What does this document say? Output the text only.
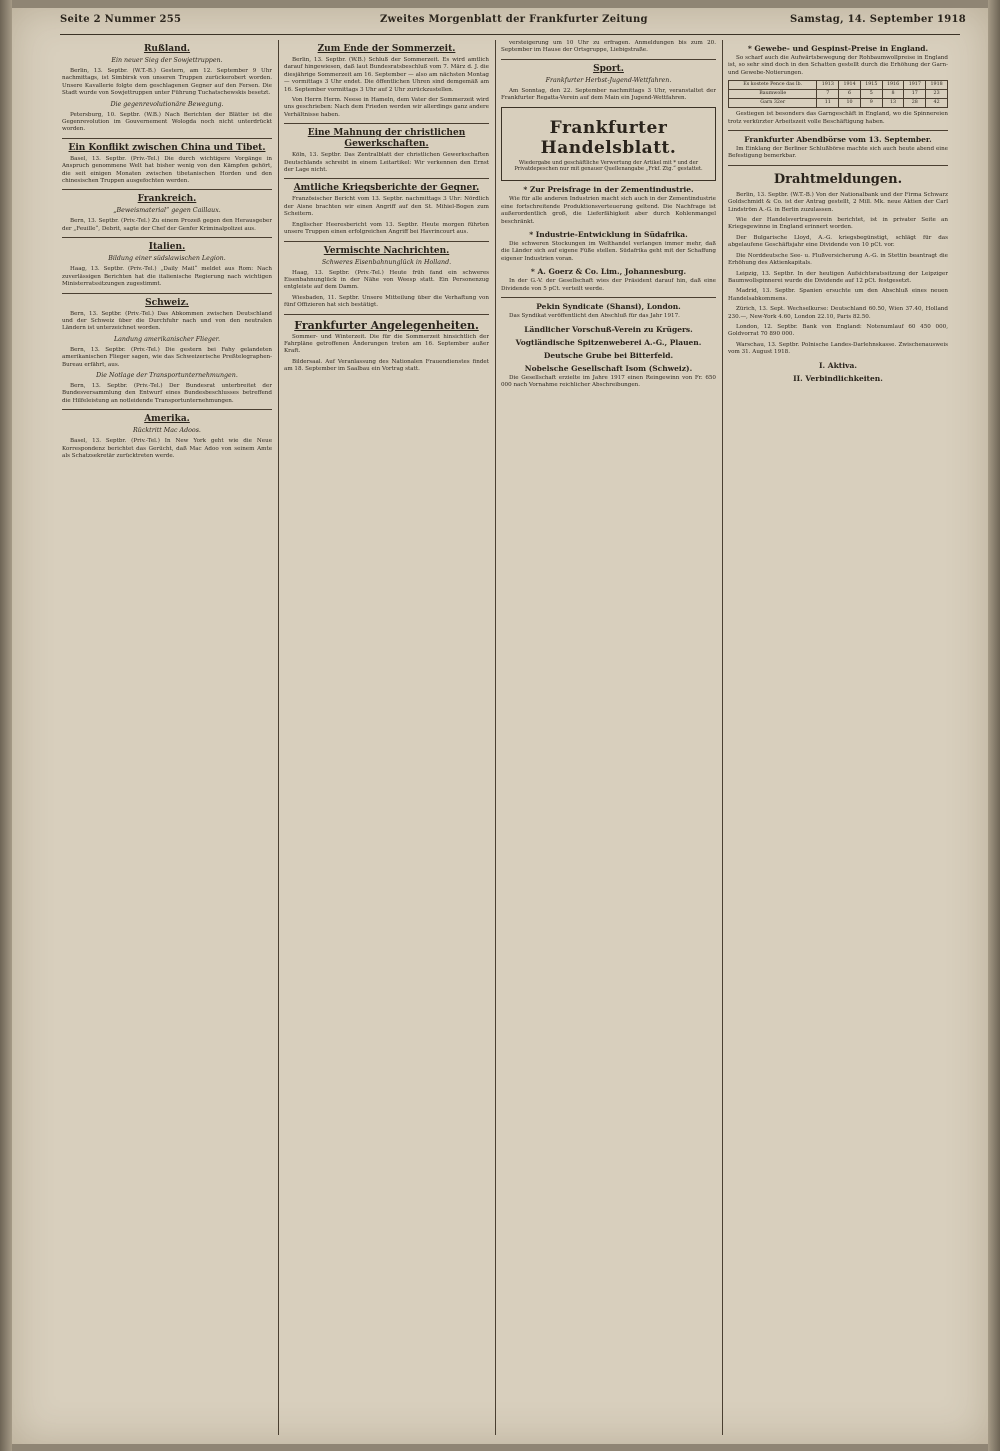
Seite 2 Nummer 255	Zweites Morgenblatt der Frankfurter Zeitung	Samstag, 14. September 1918
Rußland.
Ein neuer Sieg der Sowjettruppen.
Berlin, 13. Septbr. (W.T.-B.) Gestern, am 12. September 9 Uhr nachmittags, ist Simbirsk von unseren Truppen zurückerobert worden. Unsere Kavallerie folgte dem geschlagenen Gegner auf den Fersen. Die Stadt wurde von Sowjettruppen unter Führung Tuchatschewskis besetzt.
Die gegenrevolutionäre Bewegung.
Petersburg, 10. Septbr. (W.B.) Nach Berichten der Blätter ist die Gegenrevolution im Gouvernement Wologda noch nicht unterdrückt worden.
Ein Konflikt zwischen China und Tibet.
Basel, 13. Septbr. (Priv.-Tel.) Die durch wichtigere Vorgänge in Anspruch genommene Welt hat bisher wenig von den Kämpfen gehört, die seit einigen Monaten zwischen tibetanischen Horden und den chinesischen Truppen ausgefochten werden.
Frankreich.
„Beweismaterial“ gegen Caillaux.
Bern, 13. Septbr. (Priv.-Tel.) Zu einem Prozeß gegen den Herausgeber der „Feuille“, Debrit, sagte der Chef der Genfer Kriminalpolizei aus.
Italien.
Bildung einer südslawischen Legion.
Haag, 13. Septbr. (Priv.-Tel.) „Daily Mail“ meldet aus Rom: Nach zuverlässigen Berichten hat die italienische Regierung nach wichtigen Ministerratssitzungen zugestimmt.
Schweiz.
Bern, 13. Septbr. (Priv.-Tel.) Das Abkommen zwischen Deutschland und der Schweiz über die Durchfuhr nach und von den neutralen Ländern ist unterzeichnet worden.
Landung amerikanischer Flieger.
Bern, 13. Septbr. (Priv.-Tel.) Die gestern bei Fahy gelandeten amerikanischen Flieger sagen, wie das Schweizerische Preßtelegraphen-Bureau erfährt, aus.
Die Notlage der Transportunternehmungen.
Bern, 13. Septbr. (Priv.-Tel.) Der Bundesrat unterbreitet der Bundesversammlung den Entwurf eines Bundesbeschlusses betreffend die Hilfeleistung an notleidende Transportunternehmungen.
Amerika.
Rücktritt Mac Adoos.
Basel, 13. Septbr. (Priv.-Tel.) In New York geht wie die Neue Korrespondenz berichtet das Gerücht, daß Mac Adoo von seinem Amte als Schatzsekretär zurücktreten werde.
Zum Ende der Sommerzeit.
Berlin, 13. Septbr. (W.B.) Schluß der Sommerzeit. Es wird amtlich darauf hingewiesen, daß laut Bundesratsbeschluß vom 7. März d. J. die diesjährige Sommerzeit am 16. September — also am nächsten Montag — vormittags 3 Uhr endet. Die öffentlichen Uhren sind demgemäß am 16. September vormittags 3 Uhr auf 2 Uhr zurückzustellen.
Von Herrn Herm. Neese in Hameln, dem Vater der Sommerzeit wird uns geschrieben: Nach dem Frieden werden wir allerdings ganz andere Verhältnisse haben.
Eine Mahnung der christlichen Gewerkschaften.
Köln, 13. Septbr. Das Zentralblatt der christlichen Gewerkschaften Deutschlands schreibt in einem Leitartikel: Wir verkennen den Ernst der Lage nicht.
Amtliche Kriegsberichte der Gegner.
Französischer Bericht vom 13. Septbr. nachmittags 3 Uhr: Nördlich der Aisne brachten wir einen Angriff auf den St. Mihiel-Bogen zum Scheitern.
Englischer Heeresbericht vom 13. Septbr. Heute morgen führten unsere Truppen einen erfolgreichen Angriff bei Havrincourt aus.
Vermischte Nachrichten.
Schweres Eisenbahnunglück in Holland.
Haag, 13. Septbr. (Priv.-Tel.) Heute früh fand ein schweres Eisenbahnunglück in der Nähe von Weesp statt. Ein Personenzug entgleiste auf dem Damm.
Wiesbaden, 11. Septbr. Unsere Mitteilung über die Verhaftung von fünf Offizieren hat sich bestätigt.
Frankfurter Angelegenheiten.
Sommer- und Winterzeit. Die für die Sommerzeit hinsichtlich der Fahrpläne getroffenen Änderungen treten am 16. September außer Kraft.
Bildersaal. Auf Veranlassung des Nationalen Frauendienstes findet am 18. September im Saalbau ein Vortrag statt.
versteigerung um 10 Uhr zu erfragen. Anmeldungen bis zum 20. September im Hause der Ortsgruppe, Liebigstraße.
Sport.
Frankfurter Herbst-Jugend-Wettfahren.
Am Sonntag, den 22. September nachmittags 3 Uhr, veranstaltet der Frankfurter Regatta-Verein auf dem Main ein Jugend-Wettfahren.
Frankfurter Handelsblatt.
Wiedergabe und geschäftliche Verwertung der Artikel mit * und der Privatdepeschen nur mit genauer Quellenangabe „Frkf. Ztg.“ gestattet.
* Zur Preisfrage in der Zementindustrie.
Wie für alle anderen Industrien macht sich auch in der Zementindustrie eine fortschreitende Produktionsverteuerung geltend. Die Nachfrage ist außerordentlich groß, die Lieferfähigkeit aber durch Kohlenmangel beschränkt.
* Industrie-Entwicklung in Südafrika.
Die schweren Stockungen im Welthandel verlangen immer mehr, daß die Länder sich auf eigene Füße stellen. Südafrika geht mit der Schaffung eigener Industrien voran.
* A. Goerz & Co. Lim., Johannesburg.
In der G.-V. der Gesellschaft wies der Präsident darauf hin, daß eine Dividende von 5 pCt. verteilt werde.
Pekin Syndicate (Shansi), London.
Das Syndikat veröffentlicht den Abschluß für das Jahr 1917.
Ländlicher Vorschuß-Verein zu Krügers.
Vogtländische Spitzenweberei A.-G., Plauen.
Deutsche Grube bei Bitterfeld.
Nobelsche Gesellschaft Isom (Schweiz).
Die Gesellschaft erzielte im Jahre 1917 einen Reingewinn von Fr. 650 000 nach Vornahme reichlicher Abschreibungen.
* Gewebe- und Gespinst-Preise in England.
So scharf auch die Aufwärtsbewegung der Rohbaumwollpreise in England ist, so sehr sind doch in den Schatten gestellt durch die Erhöhung der Garn- und Gewebe-Notierungen.
Es kostete Pence das lb.	1913	1914	1915	1916	1917	1918
Baumwolle	7	6	5	8	17	23
Garn 32er	11	10	9	13	28	42
Gestiegen ist besonders das Garngeschäft in England, wo die Spinnereien trotz verkürzter Arbeitszeit volle Beschäftigung haben.
Frankfurter Abendbörse vom 13. September.
Im Einklang der Berliner Schlußbörse machte sich auch heute abend eine Befestigung bemerkbar.
Drahtmeldungen.
Berlin, 13. Septbr. (W.T.-B.) Von der Nationalbank und der Firma Schwarz Goldschmidt & Co. ist der Antrag gestellt, 2 Mill. Mk. neue Aktien der Carl Lindström A.-G. in Berlin zuzulassen.
Wie der Handelsvertragsverein berichtet, ist in privater Seite an Kriegsgewinne in England erinnert worden.
Der Bulgarische Lloyd, A.-G. kriegsbegünstigt, schlägt für das abgelaufene Geschäftsjahr eine Dividende von 10 pCt. vor.
Die Norddeutsche See- u. Flußversicherung A.-G. in Stettin beantragt die Erhöhung des Aktienkapitals.
Leipzig, 13. Septbr. In der heutigen Aufsichtsratssitzung der Leipziger Baumwollspinnerei wurde die Dividende auf 12 pCt. festgesetzt.
Madrid, 13. Septbr. Spanien ersuchte um den Abschluß eines neuen Handelsabkommens.
Zürich, 13. Sept. Wechselkurse: Deutschland 60.50, Wien 37.40, Holland 230.—, New-York 4.60, London 22.10, Paris 82.50.
London, 12. Septbr. Bank von England: Notenumlauf 60 450 000, Goldvorrat 70 890 000.
Warschau, 13. Septbr. Polnische Landes-Darlehnskasse. Zwischenausweis vom 31. August 1918.
I. Aktiva.
II. Verbindlichkeiten.
